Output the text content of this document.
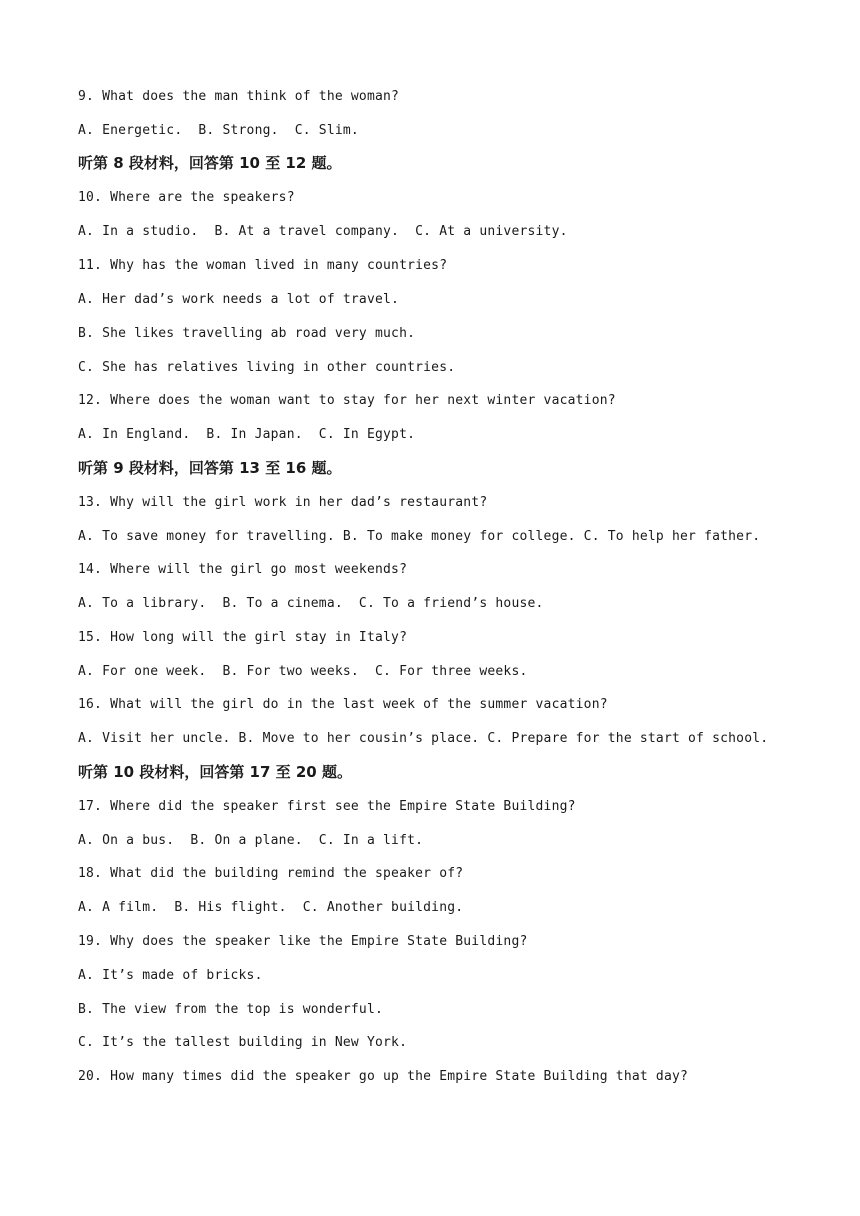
9. What does the man think of the woman?
A. Energetic.  B. Strong.  C. Slim.
听第 8 段材料，回答第 10 至 12 题。
10. Where are the speakers?
A. In a studio.  B. At a travel company.  C. At a university.
11. Why has the woman lived in many countries?
A. Her dad’s work needs a lot of travel.
B. She likes travelling ab road very much.
C. She has relatives living in other countries.
12. Where does the woman want to stay for her next winter vacation?
A. In England.  B. In Japan.  C. In Egypt.
听第 9 段材料，回答第 13 至 16 题。
13. Why will the girl work in her dad’s restaurant?
A. To save money for travelling. B. To make money for college. C. To help her father.
14. Where will the girl go most weekends?
A. To a library.  B. To a cinema.  C. To a friend’s house.
15. How long will the girl stay in Italy?
A. For one week.  B. For two weeks.  C. For three weeks.
16. What will the girl do in the last week of the summer vacation?
A. Visit her uncle. B. Move to her cousin’s place. C. Prepare for the start of school.
听第 10 段材料，回答第 17 至 20 题。
17. Where did the speaker first see the Empire State Building?
A. On a bus.  B. On a plane.  C. In a lift.
18. What did the building remind the speaker of?
A. A film.  B. His flight.  C. Another building.
19. Why does the speaker like the Empire State Building?
A. It’s made of bricks.
B. The view from the top is wonderful.
C. It’s the tallest building in New York.
20. How many times did the speaker go up the Empire State Building that day?
